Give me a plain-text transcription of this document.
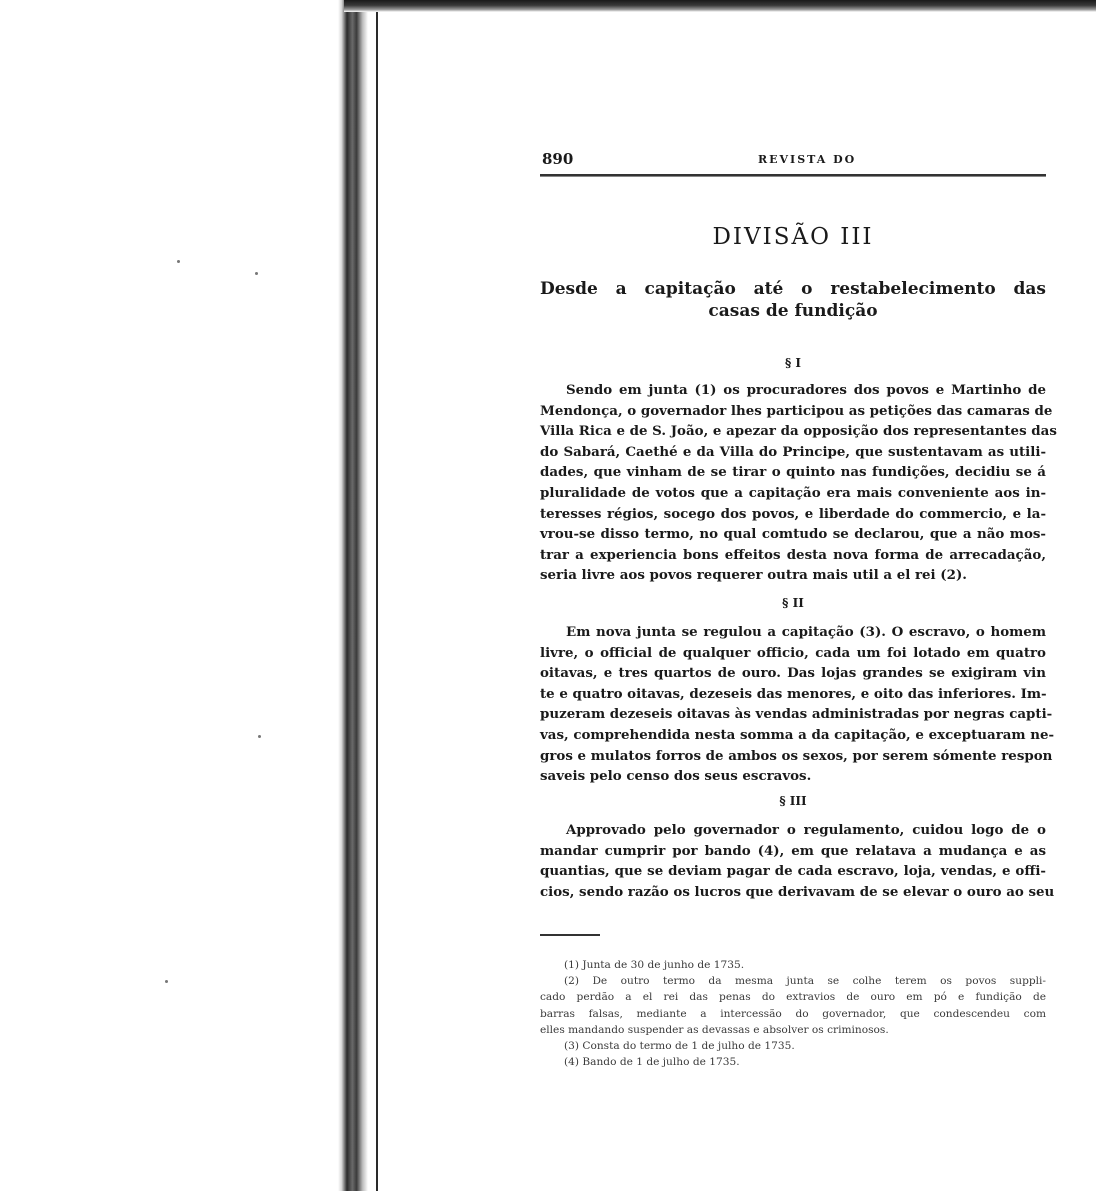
890	REVISTA DO
DIVISÃO III
Desde a capitação até o restabelecimento das
casas de fundição
§ I
Sendo em junta (1) os procuradores dos povos e Martinho de
Mendonça, o governador lhes participou as petições das camaras de
Villa Rica e de S. João, e apezar da opposição dos representantes das
do Sabará, Caethé e da Villa do Principe, que sustentavam as utili-
dades, que vinham de se tirar o quinto nas fundições, decidiu se á
pluralidade de votos que a capitação era mais conveniente aos in-
teresses régios, socego dos povos, e liberdade do commercio, e la-
vrou-se disso termo, no qual comtudo se declarou, que a não mos-
trar a experiencia bons effeitos desta nova forma de arrecadação,
seria livre aos povos requerer outra mais util a el rei (2).
§ II
Em nova junta se regulou a capitação (3). O escravo, o homem
livre, o official de qualquer officio, cada um foi lotado em quatro
oitavas, e tres quartos de ouro. Das lojas grandes se exigiram vin
te e quatro oitavas, dezeseis das menores, e oito das inferiores. Im-
puzeram dezeseis oitavas às vendas administradas por negras capti-
vas, comprehendida nesta somma a da capitação, e exceptuaram ne-
gros e mulatos forros de ambos os sexos, por serem sómente respon
saveis pelo censo dos seus escravos.
§ III
Approvado pelo governador o regulamento, cuidou logo de o
mandar cumprir por bando (4), em que relatava a mudança e as
quantias, que se deviam pagar de cada escravo, loja, vendas, e offi-
cios, sendo razão os lucros que derivavam de se elevar o ouro ao seu
(1) Junta de 30 de junho de 1735.
(2) De outro termo da mesma junta se colhe terem os povos suppli-
cado perdão a el rei das penas do extravios de ouro em pó e fundição de
barras falsas, mediante a intercessão do governador, que condescendeu com
elles mandando suspender as devassas e absolver os criminosos.
(3) Consta do termo de 1 de julho de 1735.
(4) Bando de 1 de julho de 1735.
